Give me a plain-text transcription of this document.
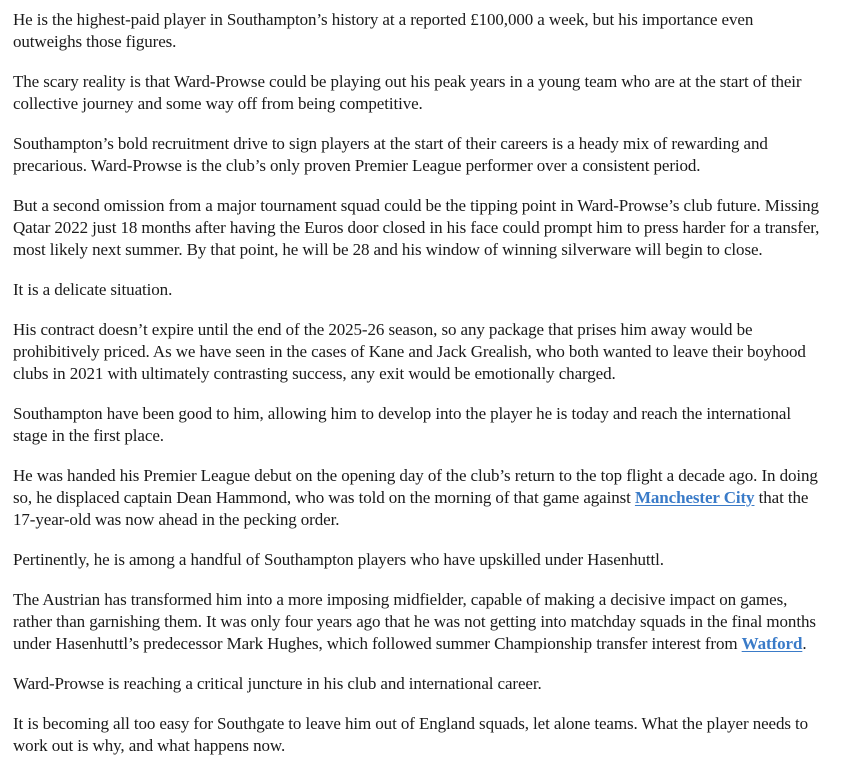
He is the highest-paid player in Southampton’s history at a reported £100,000 a week, but his importance even outweighs those figures.

The scary reality is that Ward-Prowse could be playing out his peak years in a young team who are at the start of their collective journey and some way off from being competitive.

Southampton’s bold recruitment drive to sign players at the start of their careers is a heady mix of rewarding and precarious. Ward-Prowse is the club’s only proven Premier League performer over a consistent period.

But a second omission from a major tournament squad could be the tipping point in Ward-Prowse’s club future. Missing Qatar 2022 just 18 months after having the Euros door closed in his face could prompt him to press harder for a transfer, most likely next summer. By that point, he will be 28 and his window of winning silverware will begin to close.

It is a delicate situation.

His contract doesn’t expire until the end of the 2025-26 season, so any package that prises him away would be prohibitively priced. As we have seen in the cases of Kane and Jack Grealish, who both wanted to leave their boyhood clubs in 2021 with ultimately contrasting success, any exit would be emotionally charged.

Southampton have been good to him, allowing him to develop into the player he is today and reach the international stage in the first place.

He was handed his Premier League debut on the opening day of the club’s return to the top flight a decade ago. In doing so, he displaced captain Dean Hammond, who was told on the morning of that game against Manchester City that the 17-year-old was now ahead in the pecking order.

Pertinently, he is among a handful of Southampton players who have upskilled under Hasenhuttl.

The Austrian has transformed him into a more imposing midfielder, capable of making a decisive impact on games, rather than garnishing them. It was only four years ago that he was not getting into matchday squads in the final months under Hasenhuttl’s predecessor Mark Hughes, which followed summer Championship transfer interest from Watford.

Ward-Prowse is reaching a critical juncture in his club and international career.

It is becoming all too easy for Southgate to leave him out of England squads, let alone teams. What the player needs to work out is why, and what happens now.
